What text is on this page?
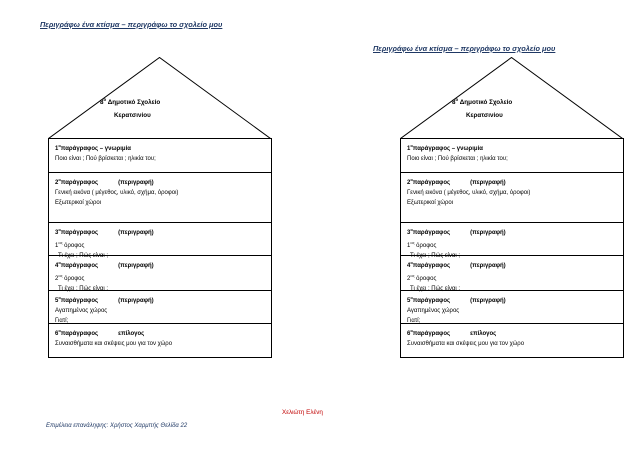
Περιγράφω ένα κτίσμα – περιγράφω το σχολείο μου
Περιγράφω ένα κτίσμα – περιγράφω το σχολείο μου
$8^o$ Δημοτικό Σχολείο
Κερατσινίου
$1^o\pi\alpha\rho ά\gamma\rho\alpha\varphi o\varsigma$ – γνωριμία
Ποιο είναι ; Πού βρίσκεται ; ηλικία του;
$2^o\pi\alpha\rho ά\gamma\rho\alpha\varphi o\varsigma$	(περιγραφή)
Γενική εικόνα ( μέγεθος, υλικό, σχήμα, όροφοι)
Εξωτερικοί χώροι
$3^o\pi\alpha\rho ά\gamma\rho\alpha\varphi o\varsigma$	(περιγραφή)
$1^{o\varsigma}$ όροφος
Τι έχει ; Πώς είναι ;
$4^o\pi\alpha\rho ά\gamma\rho\alpha\varphi o\varsigma$	(περιγραφή)
$2^{o\varsigma}$ όροφος
Τι έχει ; Πώς είναι ;
$5^o\pi\alpha\rho ά\gamma\rho\alpha\varphi o\varsigma$	(περιγραφή)
Αγαπημένος χώρος
Γιατί;
$6^o\pi\alpha\rho ά\gamma\rho\alpha\varphi o\varsigma$	επίλογος
Συναισθήματα και σκέψεις μου για τον χώρο
$8^o$ Δημοτικό Σχολείο
Κερατσινίου
$1^o\pi\alpha\rho ά\gamma\rho\alpha\varphi o\varsigma$ – γνωριμία
Ποιο είναι ; Πού βρίσκεται ; ηλικία του;
$2^o\pi\alpha\rho ά\gamma\rho\alpha\varphi o\varsigma$	(περιγραφή)
Γενική εικόνα ( μέγεθος, υλικό, σχήμα, όροφοι)
Εξωτερικοί χώροι
$3^o\pi\alpha\rho ά\gamma\rho\alpha\varphi o\varsigma$	(περιγραφή)
$1^{o\varsigma}$ όροφος
Τι έχει ; Πώς είναι ;
$4^o\pi\alpha\rho ά\gamma\rho\alpha\varphi o\varsigma$	(περιγραφή)
$2^{o\varsigma}$ όροφος
Τι έχει ; Πώς είναι ;
$5^o\pi\alpha\rho ά\gamma\rho\alpha\varphi o\varsigma$	(περιγραφή)
Αγαπημένος χώρος
Γιατί;
$6^o\pi\alpha\rho ά\gamma\rho\alpha\varphi o\varsigma$	επίλογος
Συναισθήματα και σκέψεις μου για τον χώρο
Χελιώτη Ελένη
Επιμέλεια επανάληψης: Χρήστος Χαρμπής Θελίδα 22
